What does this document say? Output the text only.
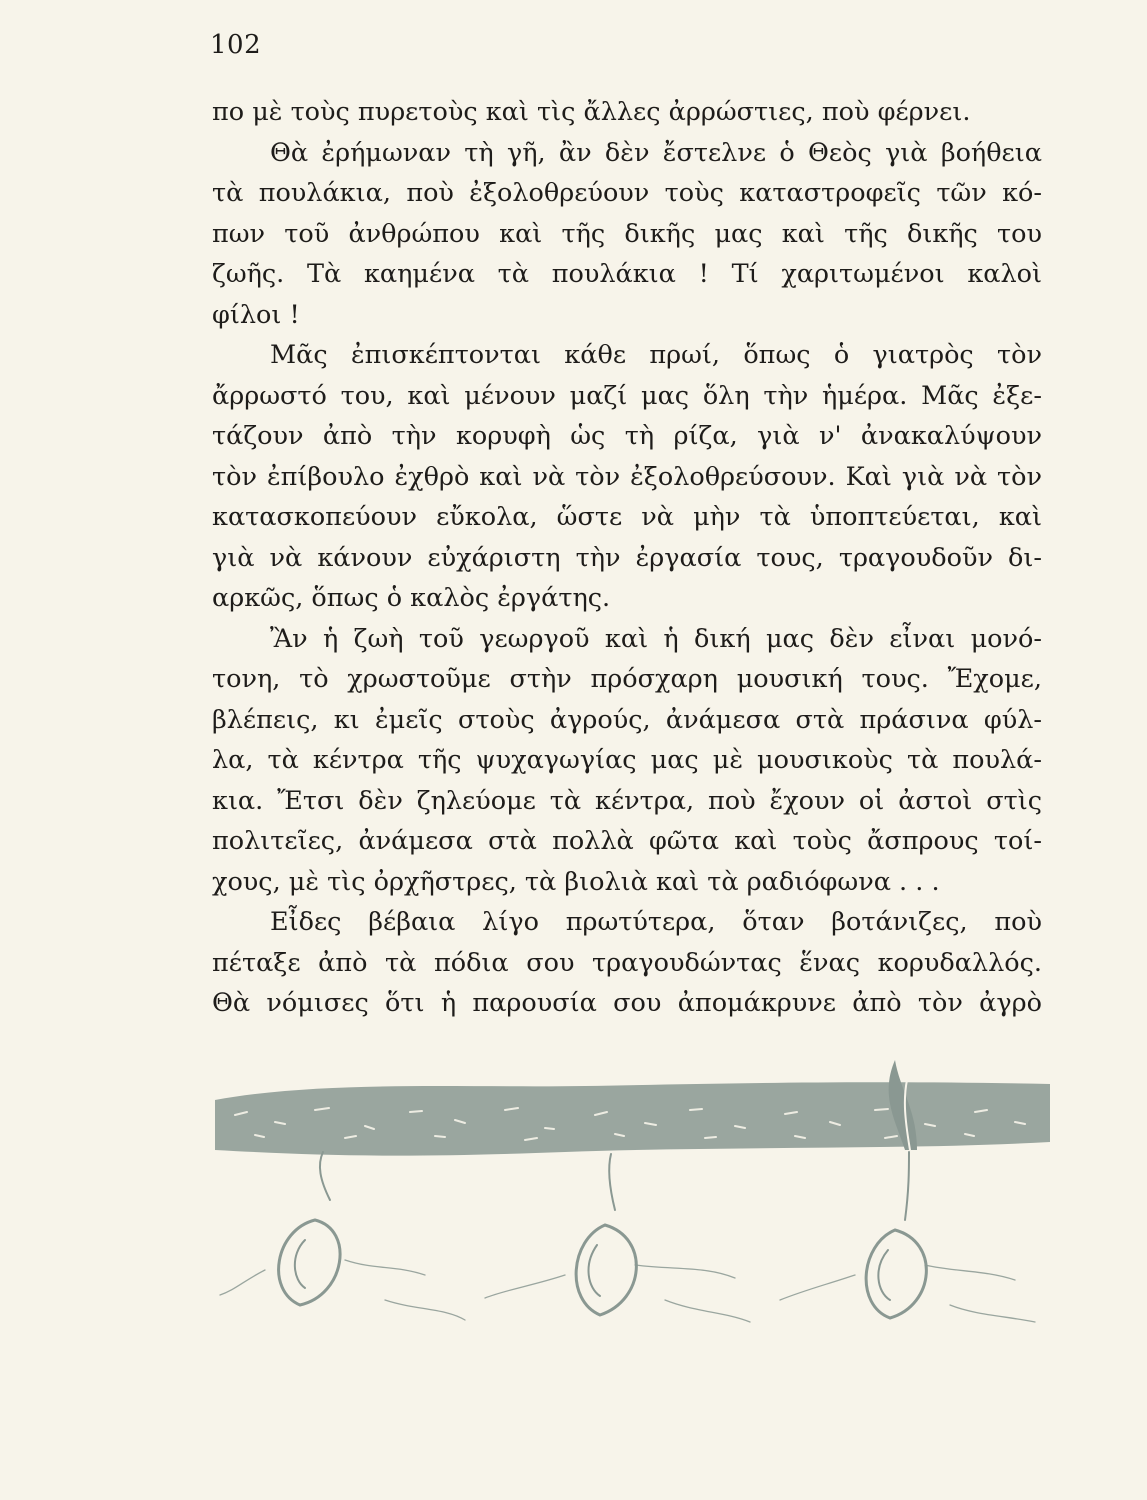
102
πο μὲ τοὺς πυρετοὺς καὶ τὶς ἄλλες ἀρρώστιες, ποὺ φέρνει.
Θὰ ἐρήμωναν τὴ γῆ, ἂν δὲν ἔστελνε ὁ Θεὸς γιὰ βοήθεια
τὰ πουλάκια, ποὺ ἐξολοθρεύουν τοὺς καταστροφεῖς τῶν κό-
πων τοῦ ἀνθρώπου καὶ τῆς δικῆς μας καὶ τῆς δικῆς του
ζωῆς. Τὰ καημένα τὰ πουλάκια ! Τί χαριτωμένοι καλοὶ
φίλοι !
Μᾶς ἐπισκέπτονται κάθε πρωί, ὅπως ὁ γιατρὸς τὸν
ἄρρωστό του, καὶ μένουν μαζί μας ὅλη τὴν ἡμέρα. Μᾶς ἐξε-
τάζουν ἀπὸ τὴν κορυφὴ ὡς τὴ ρίζα, γιὰ ν' ἀνακαλύψουν
τὸν ἐπίβουλο ἐχθρὸ καὶ νὰ τὸν ἐξολοθρεύσουν. Καὶ γιὰ νὰ τὸν
κατασκοπεύουν εὔκολα, ὥστε νὰ μὴν τὰ ὑποπτεύεται, καὶ
γιὰ νὰ κάνουν εὐχάριστη τὴν ἐργασία τους, τραγουδοῦν δι-
αρκῶς, ὅπως ὁ καλὸς ἐργάτης.
Ἂν ἡ ζωὴ τοῦ γεωργοῦ καὶ ἡ δική μας δὲν εἶναι μονό-
τονη, τὸ χρωστοῦμε στὴν πρόσχαρη μουσική τους. Ἔχομε,
βλέπεις, κι ἐμεῖς στοὺς ἀγρούς, ἀνάμεσα στὰ πράσινα φύλ-
λα, τὰ κέντρα τῆς ψυχαγωγίας μας μὲ μουσικοὺς τὰ πουλά-
κια. Ἔτσι δὲν ζηλεύομε τὰ κέντρα, ποὺ ἔχουν οἱ ἀστοὶ στὶς
πολιτεῖες, ἀνάμεσα στὰ πολλὰ φῶτα καὶ τοὺς ἄσπρους τοί-
χους, μὲ τὶς ὀρχῆστρες, τὰ βιολιὰ καὶ τὰ ραδιόφωνα . . .
Εἶδες βέβαια λίγο πρωτύτερα, ὅταν βοτάνιζες, ποὺ
πέταξε ἀπὸ τὰ πόδια σου τραγουδώντας ἕνας κορυδαλλός.
Θὰ νόμισες ὅτι ἡ παρουσία σου ἀπομάκρυνε ἀπὸ τὸν ἀγρὸ
